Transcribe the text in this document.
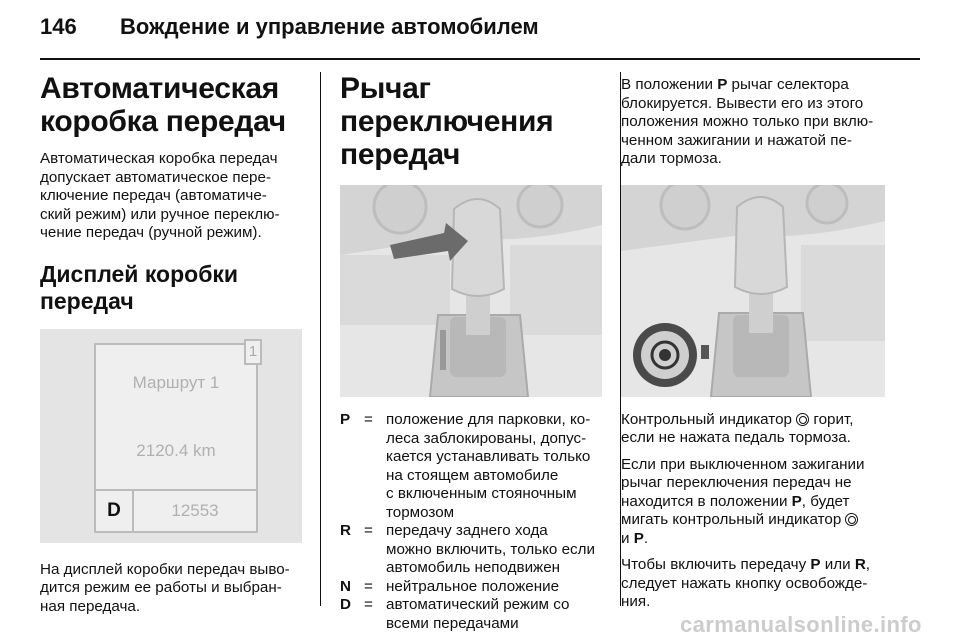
146 Вождение и управление автомобилем
Автоматическая
коробка передач

Автоматическая коробка передач
допускает автоматическое пере-
ключение передач (автоматиче-
ский режим) или ручное переклю-
чение передач (ручной режим).

Дисплей коробки
передач
1
Маршрут 1
2120.4 km
D	12553

На дисплей коробки передач выво-
дится режим ее работы и выбран-
ная передача.

Рычаг переключения
передач
P = положение для парковки, ко-
леса заблокированы, допус-
кается устанавливать только
на стоящем автомобиле
с включенным стояночным
тормозом
R = передачу заднего хода
можно включить, только если
автомобиль неподвижен
N = нейтральное положение
D = автоматический режим со
всеми передачами

В положении P рычаг селектора
блокируется. Вывести его из этого
положения можно только при вклю-
ченном зажигании и нажатой пе-
дали тормоза.

Контрольный индикатор  горит,
если не нажата педаль тормоза.

Если при выключенном зажигании
рычаг переключения передач не
находится в положении P, будет
мигать контрольный индикатор
и P.

Чтобы включить передачу P или R,
следует нажать кнопку освобожде-
ния.

carmanualsonline.info
